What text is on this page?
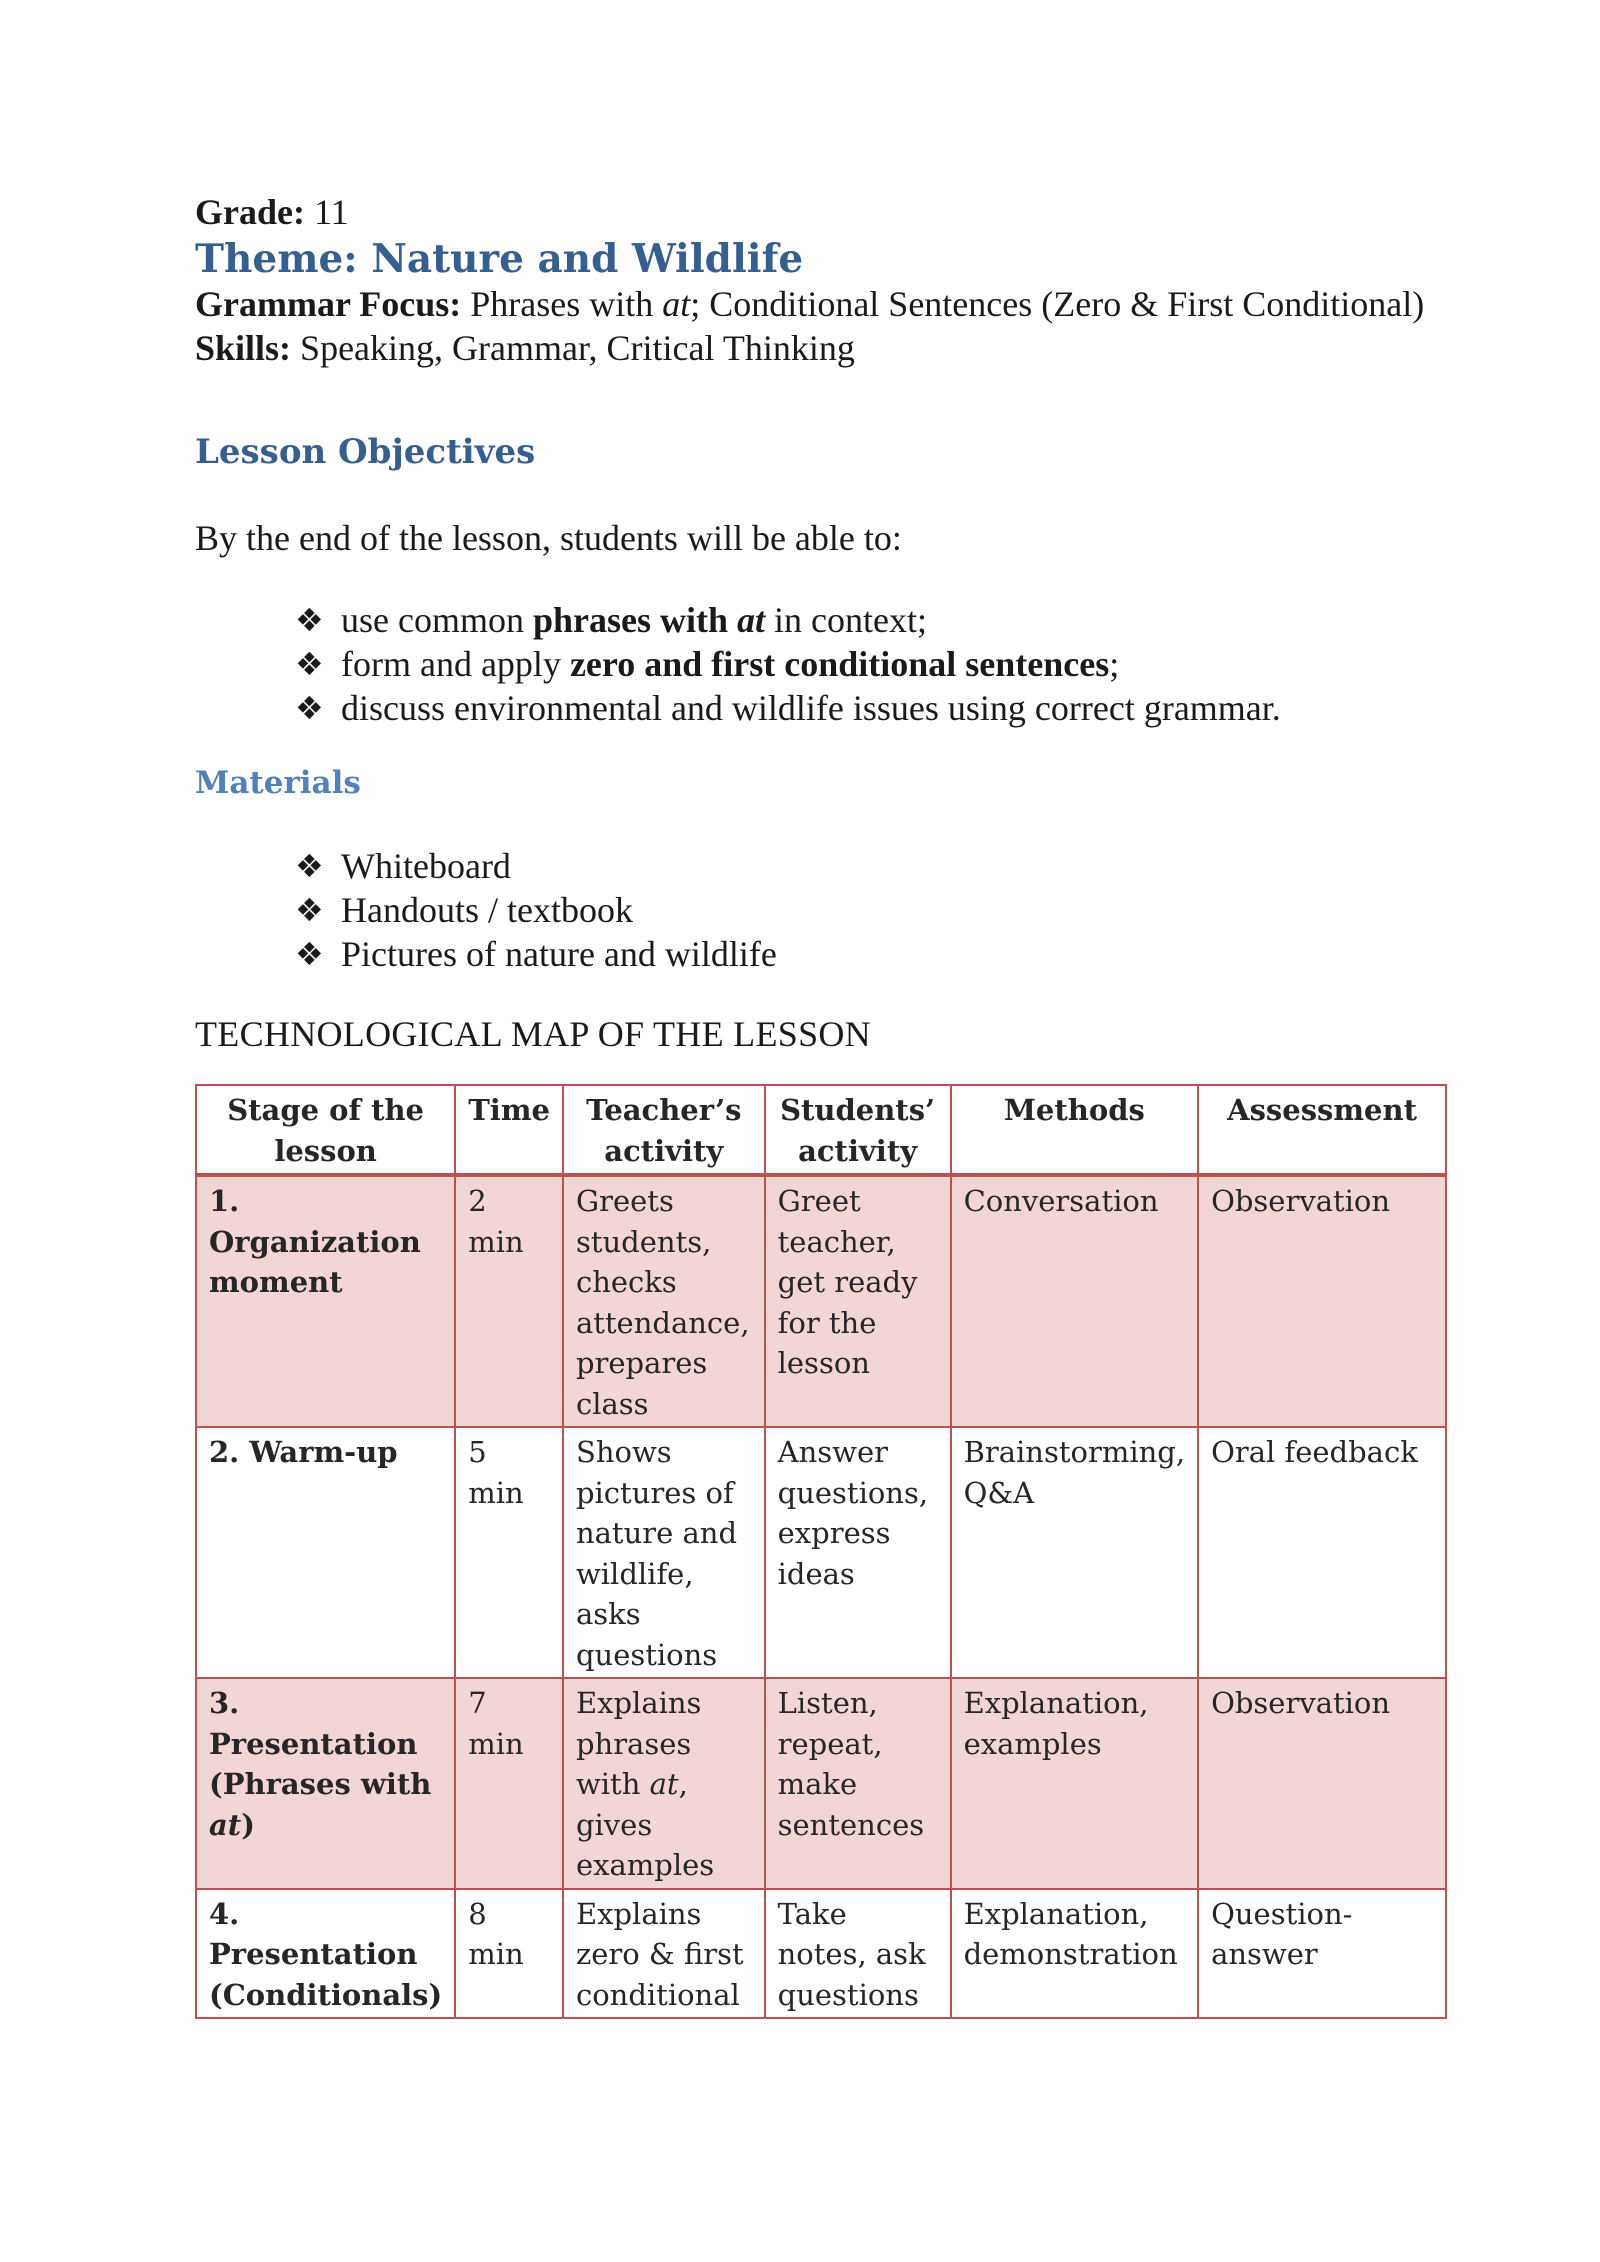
Grade: 11
Theme: Nature and Wildlife
Grammar Focus: Phrases with at; Conditional Sentences (Zero & First Conditional)
Skills: Speaking, Grammar, Critical Thinking
Lesson Objectives
By the end of the lesson, students will be able to:
❖ use common phrases with at in context;
❖ form and apply zero and first conditional sentences;
❖ discuss environmental and wildlife issues using correct grammar.
Materials
❖ Whiteboard
❖ Handouts / textbook
❖ Pictures of nature and wildlife
TECHNOLOGICAL MAP OF THE LESSON
Stage of the lesson	Time	Teacher’s activity	Students’ activity	Methods	Assessment
1. Organization moment	2 min	Greets students, checks attendance, prepares class	Greet teacher, get ready for the lesson	Conversation	Observation
2. Warm-up	5 min	Shows pictures of nature and wildlife, asks questions	Answer questions, express ideas	Brainstorming, Q&A	Oral feedback
3. Presentation (Phrases with at)	7 min	Explains phrases with at, gives examples	Listen, repeat, make sentences	Explanation, examples	Observation
4. Presentation (Conditionals)	8 min	Explains zero & first conditional	Take notes, ask questions	Explanation, demonstration	Question-answer
